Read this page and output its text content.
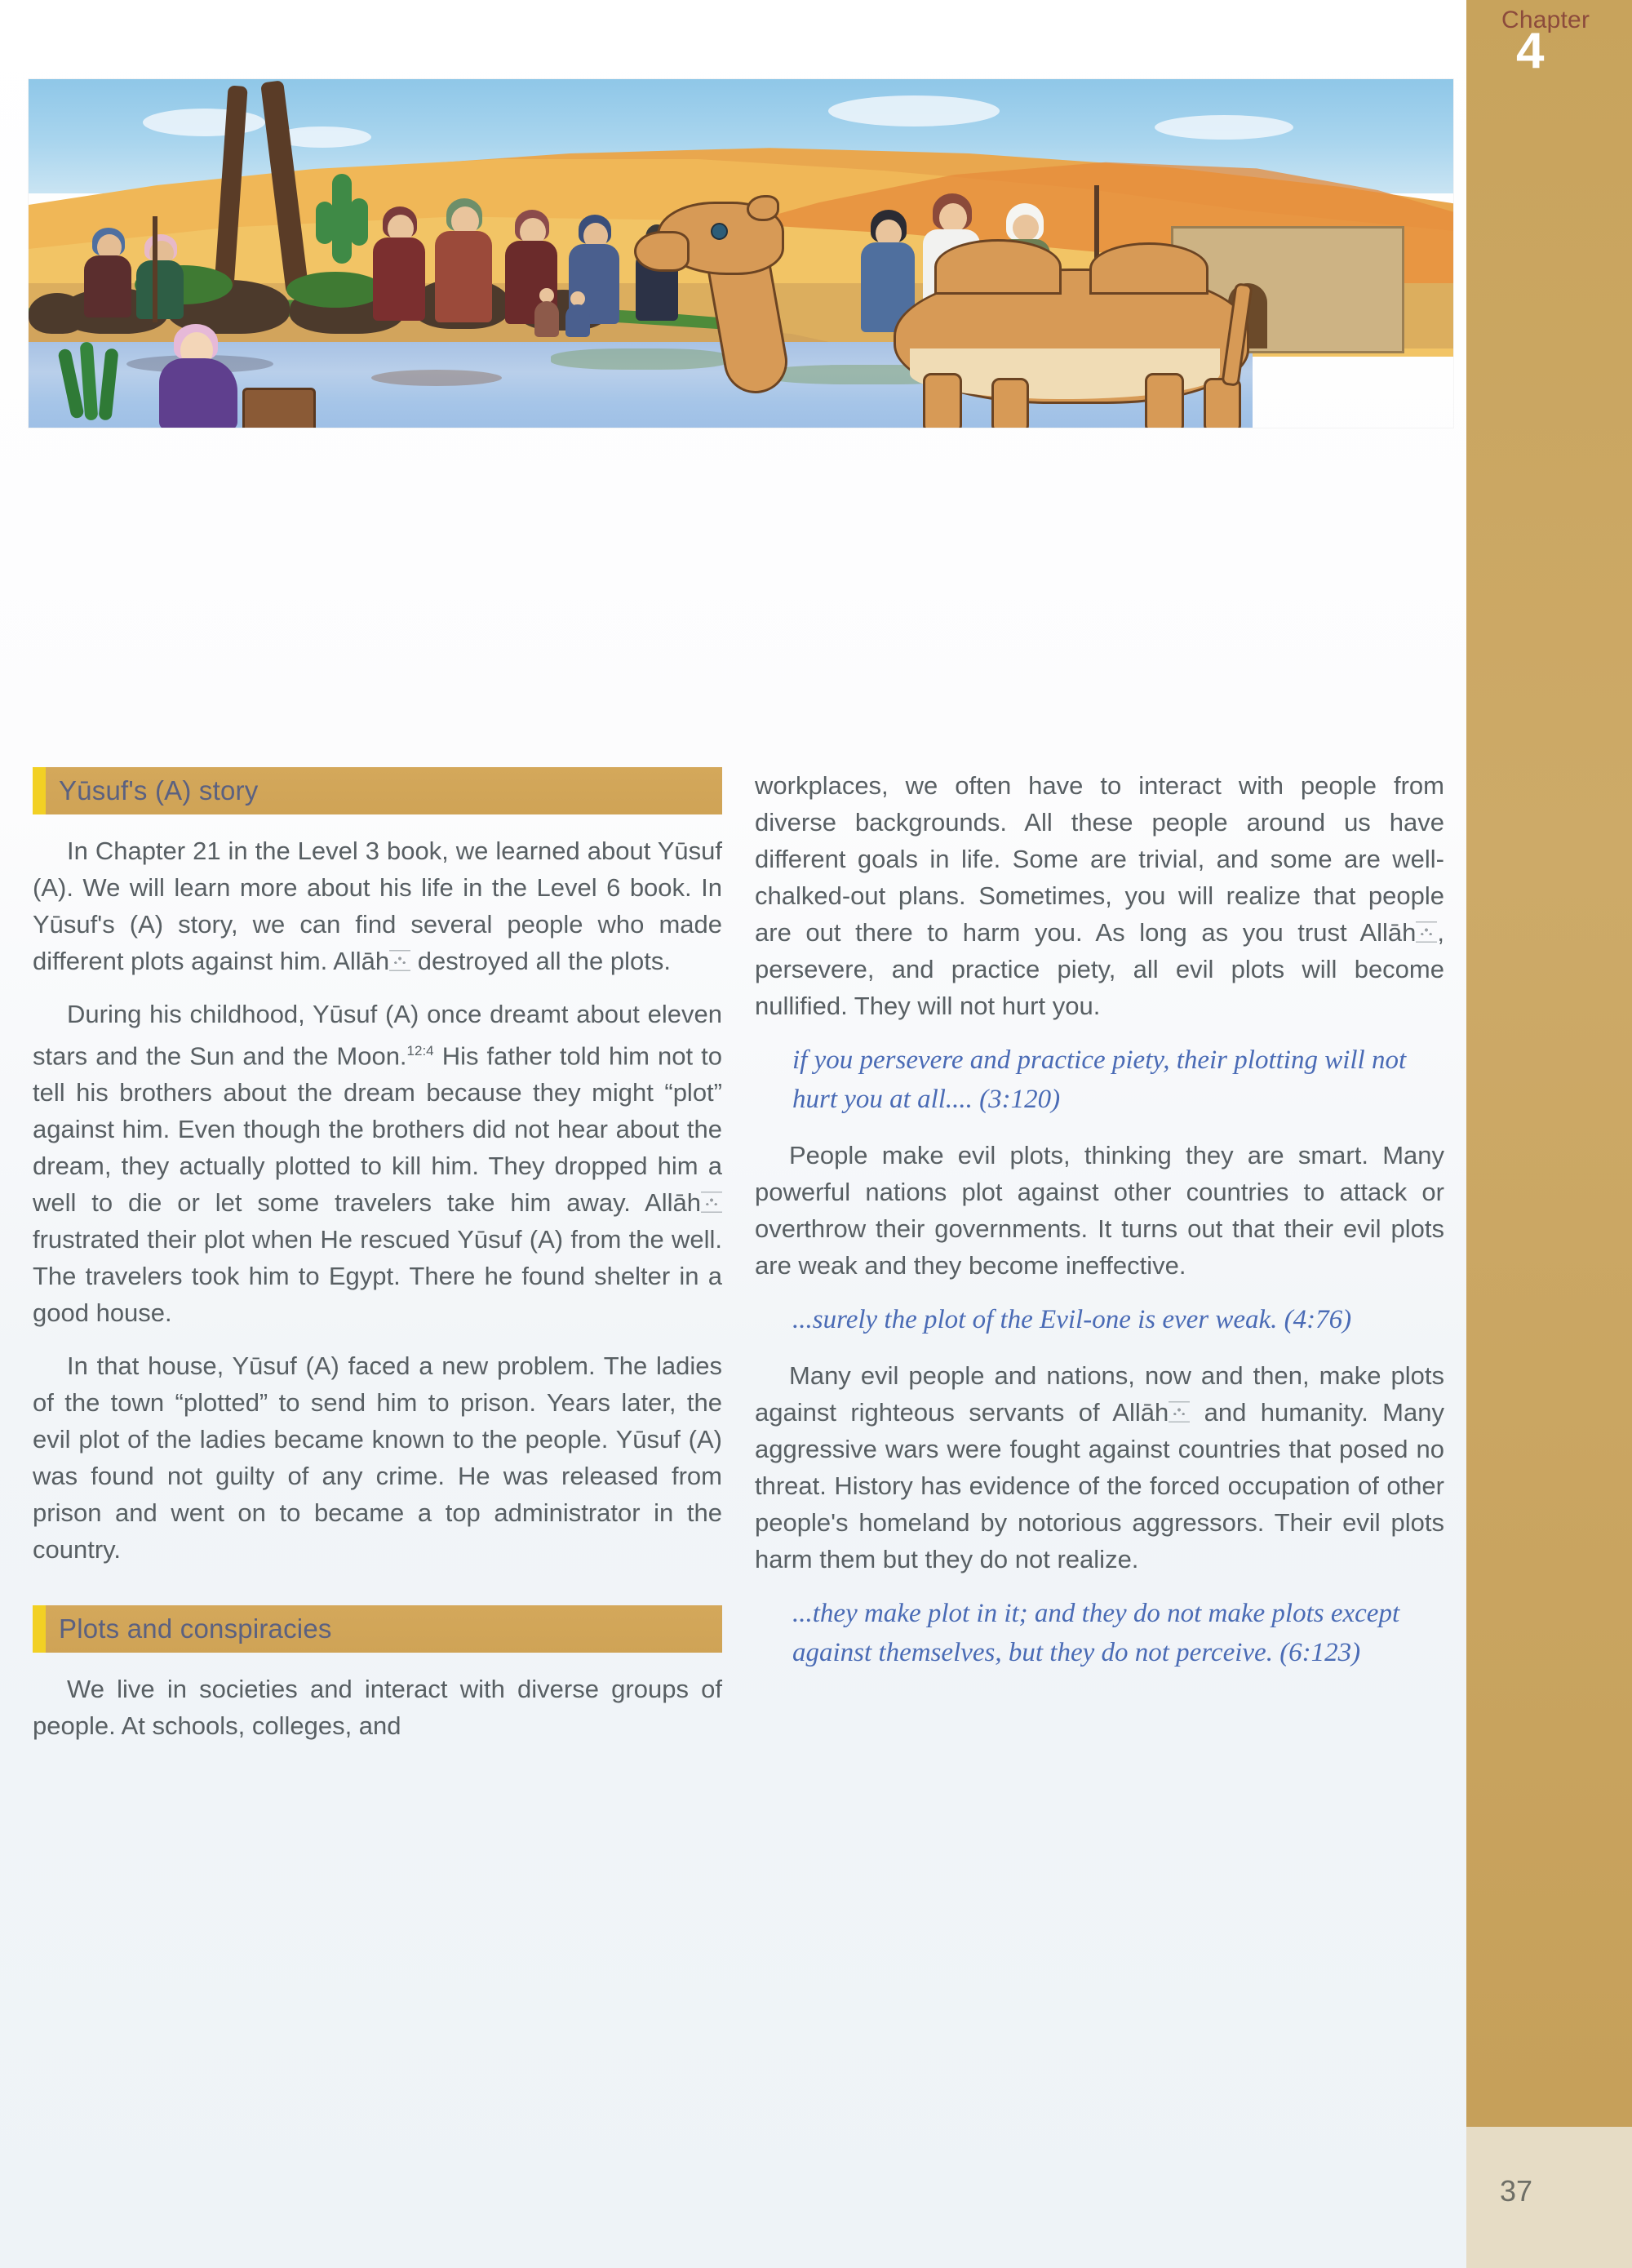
Yūsuf's (A) story

In Chapter 21 in the Level 3 book, we learned about Yūsuf (A). We will learn more about his life in the Level 6 book. In Yūsuf's (A) story, we can find several people who made different plots against him. Allāh destroyed all the plots.

During his childhood, Yūsuf (A) once dreamt about eleven stars and the Sun and the Moon.$^{12:4}$ His father told him not to tell his brothers about the dream because they might “plot” against him. Even though the brothers did not hear about the dream, they actually plotted to kill him. They dropped him a well to die or let some travelers take him away. Allāh frustrated their plot when He rescued Yūsuf (A) from the well. The travelers took him to Egypt. There he found shelter in a good house.

In that house, Yūsuf (A) faced a new problem. The ladies of the town “plotted” to send him to prison. Years later, the evil plot of the ladies became known to the people. Yūsuf (A) was found not guilty of any crime. He was released from prison and went on to became a top administrator in the country.

Plots and conspiracies

We live in societies and interact with diverse groups of people. At schools, colleges, and

workplaces, we often have to interact with people from diverse backgrounds. All these people around us have different goals in life. Some are trivial, and some are well-chalked-out plans. Sometimes, you will realize that people are out there to harm you. As long as you trust Allāh , persevere, and practice piety, all evil plots will become nullified. They will not hurt you.

if you persevere and practice piety, their plotting will not hurt you at all.... (3:120)

People make evil plots, thinking they are smart. Many powerful nations plot against other countries to attack or overthrow their governments. It turns out that their evil plots are weak and they become ineffective.

...surely the plot of the Evil-one is ever weak. (4:76)

Many evil people and nations, now and then, make plots against righteous servants of Allāh and humanity. Many aggressive wars were fought against countries that posed no threat. History has evidence of the forced occupation of other people's homeland by notorious aggressors. Their evil plots harm them but they do not realize.

...they make plot in it; and they do not make plots except against themselves, but they do not perceive. (6:123)
Chapter
4
37
